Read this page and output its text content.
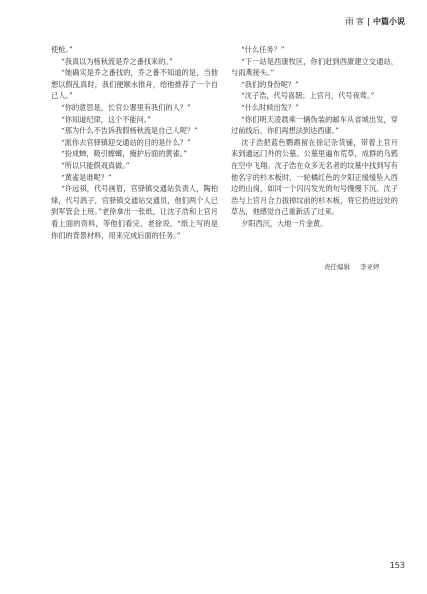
雨 客 中篇小说

使枪。”

“我真以为杨秋流是乔之番找来的。”

“她确实是乔之番找的，乔之番不知道的是，当他想以假乱真时，我们便顺水推舟，给他推荐了一个自己人。”

“你的意思是，长官公署里有我们的人？”

“你知道纪律，这个不能问。”

“那为什么不告诉我假杨秋流是自己人呢？”

“派你去官驿镇迎交通站的目的是什么？”

“扮成蝉，吸引螳螂，掩护后面的黄雀。”

“所以只能假戏真做。”

“黄雀是谁呢？”

“许远祺，代号画眉，官驿镇交通站负责人，陶柏烽，代号鸽子，官驿镇交通站交通员，他们两个人已到军管会上班。”老徐拿出一张纸，让沈子浩和上官月看上面的资料，等他们看完，老徐说，“纸上写的是你们的背景材料，用来完成后面的任务。”

“什么任务？”

“下一站是西康牧区，你们赶到西康建立交通站，与雨燕接头。”

“我们的身份呢？”

“沈子浩，代号喜鹊；上官月，代号夜莺。”

“什么时候出发？”

“你们明天凌晨乘一辆伪装的邮车从省城出发，穿过前线后，你们再想法到达西康。”

沈子浩把蓝色鹦鹉留在徐记杂货铺，带着上官月来到通远门外的公墓。公墓里遍布荒草，成群的乌鸦在空中飞翔。沈子浩在众多无名者的坟墓中找到写有他名字的杉木板时，一轮橘红色的夕阳正缓缓坠入西边的山岗，如同一个闪闪发光的句号慢慢下沉。沈子浩与上官月合力拔掉坟前的杉木板，将它扔进远处的草丛，他感觉自己重新活了过来。

夕阳西沉，大地一片金黄。

责任编辑 李亚婷
153
